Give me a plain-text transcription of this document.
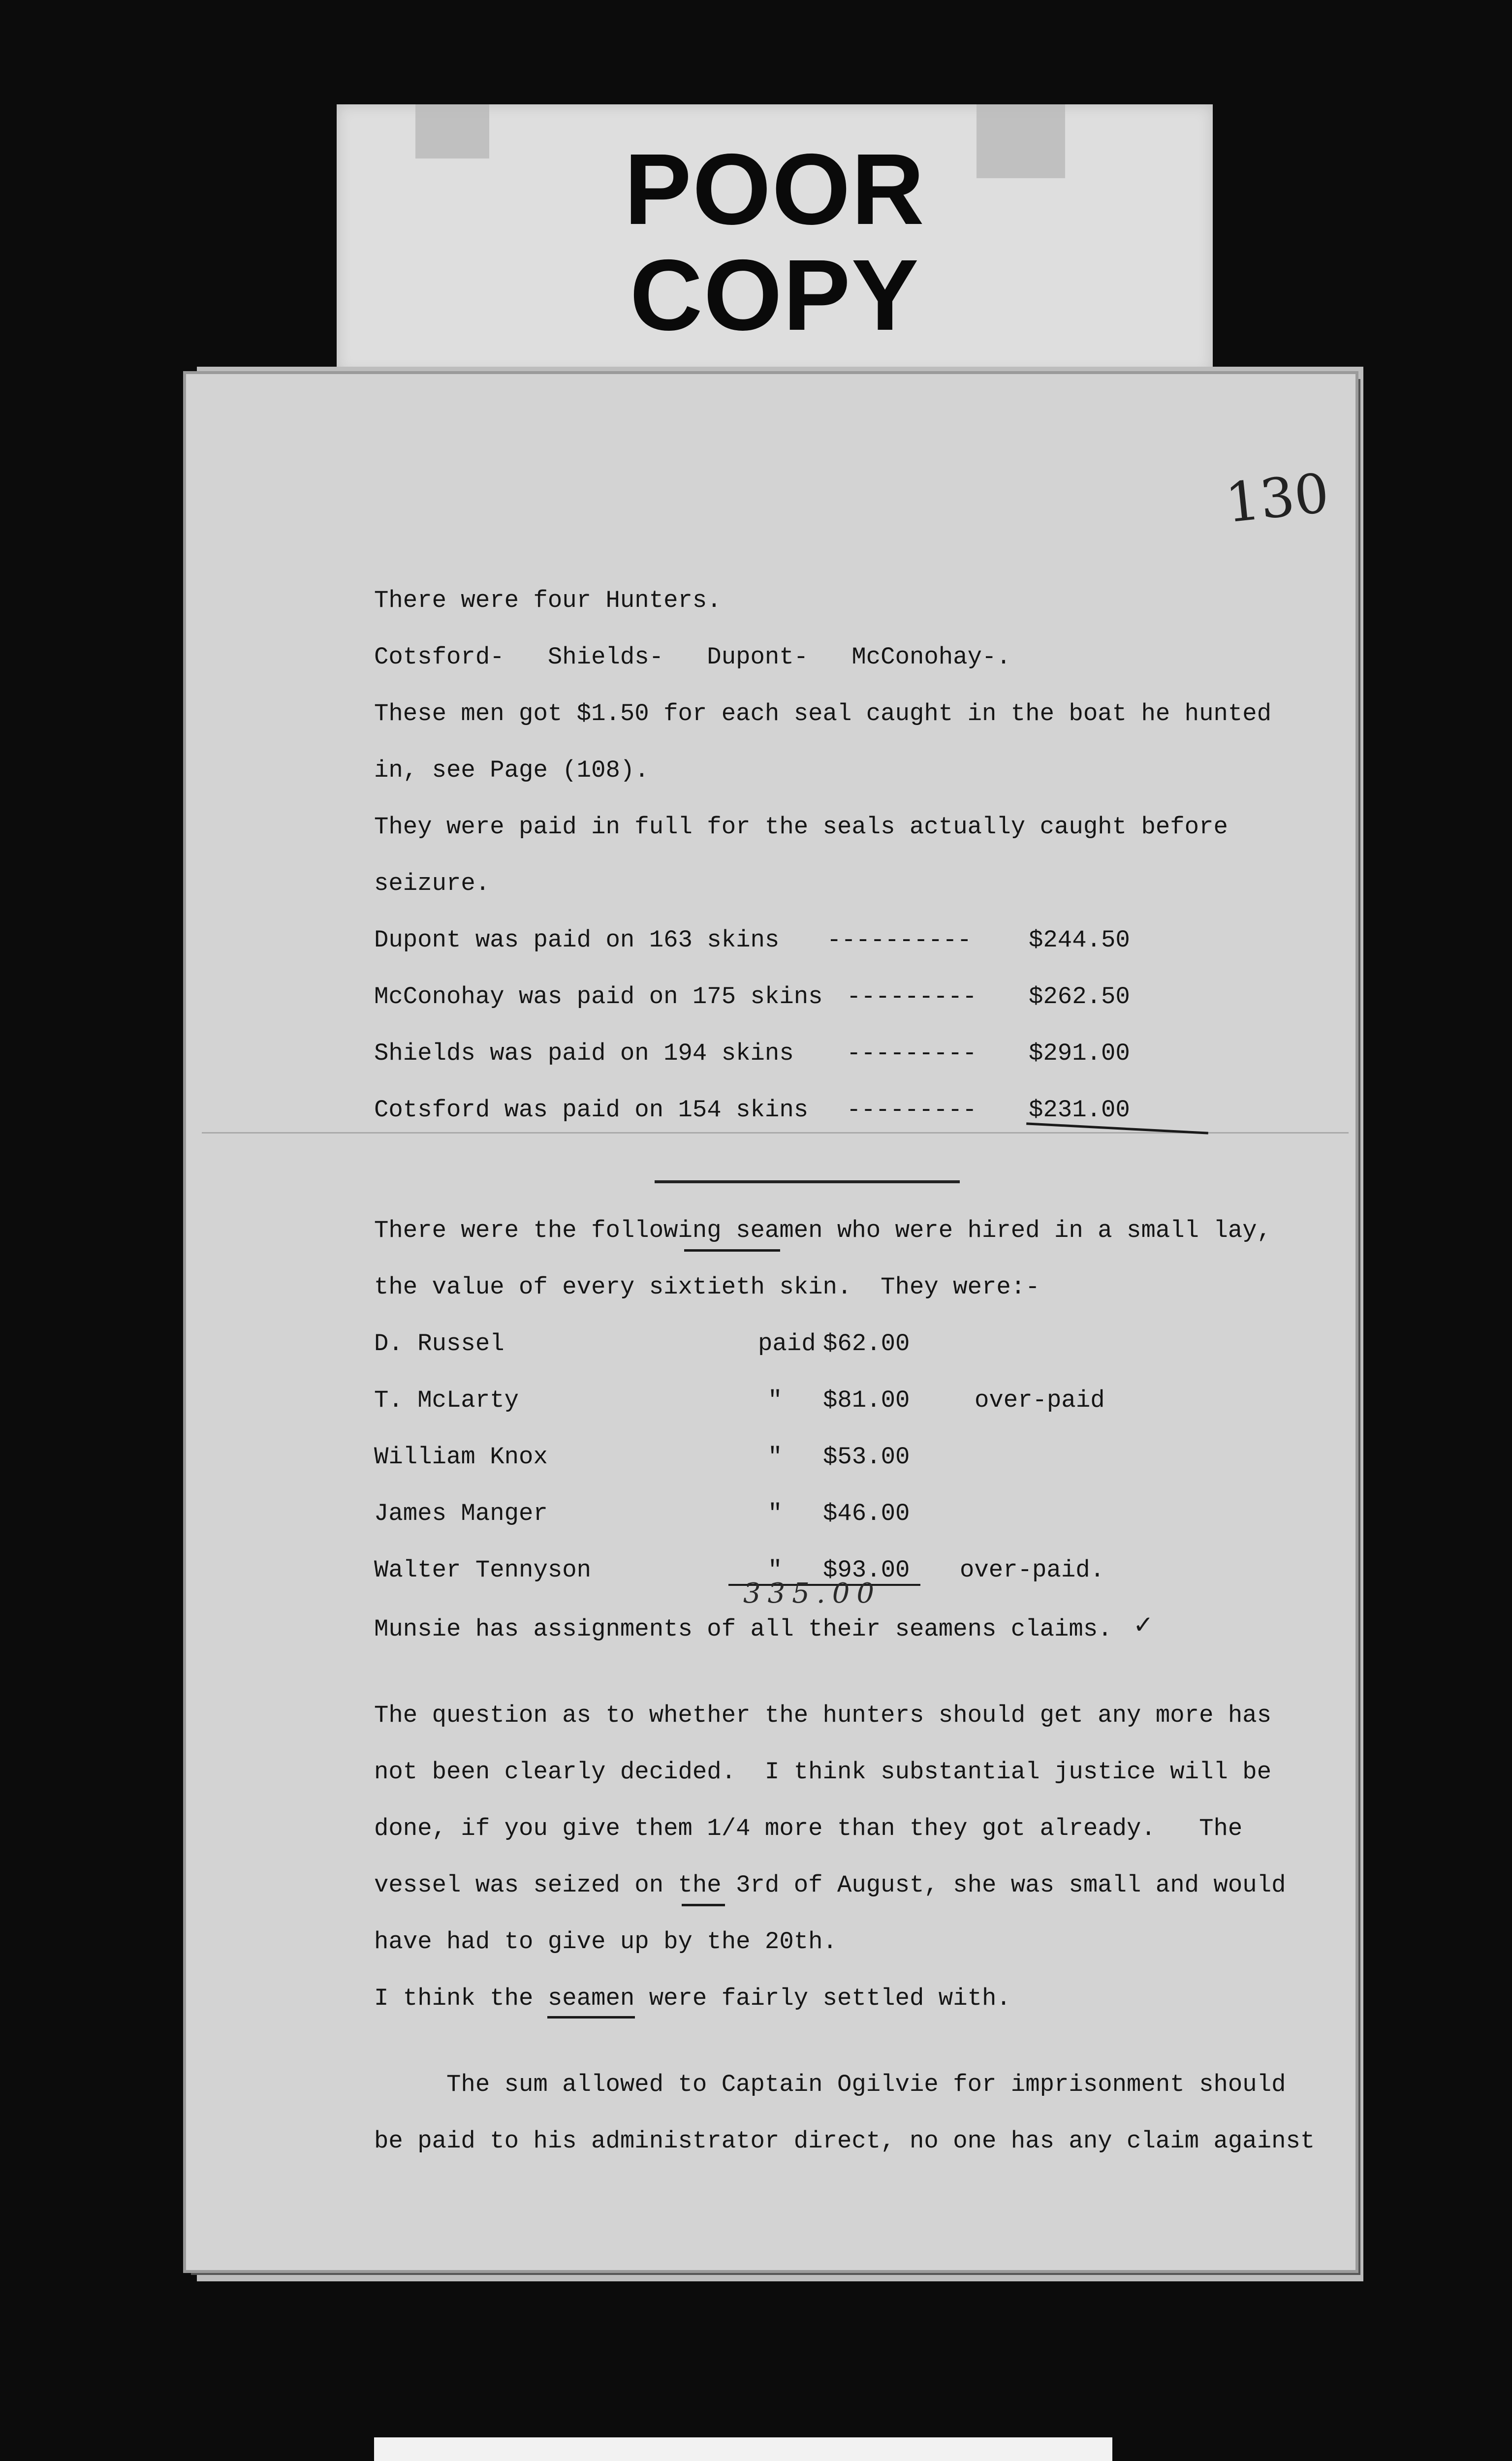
POOR
COPY
130
There were four Hunters.
Cotsford-   Shields-   Dupont-   McConohay-.
These men got $1.50 for each seal caught in the boat he hunted
in, see Page (108).
They were paid in full for the seals actually caught before
seizure.
Dupont was paid on 163 skins ---------- $244.50
McConohay was paid on 175 skins --------- $262.50
Shields was paid on 194 skins --------- $291.00
Cotsford was paid on 154 skins --------- $231.00
There were the following seamen who were hired in a small lay,
the value of every sixtieth skin.  They were:-
D. Russel	paid $62.00
T. McLarty	" $81.00	over-paid
William Knox	" $53.00
James Manger	" $46.00
Walter Tennyson	" $93.00 over-paid.
335.00
Munsie has assignments of all their seamens claims. ✓
The question as to whether the hunters should get any more has
not been clearly decided.  I think substantial justice will be
done, if you give them 1/4 more than they got already.   The
vessel was seized on the 3rd of August, she was small and would
have had to give up by the 20th.
I think the seamen were fairly settled with.
The sum allowed to Captain Ogilvie for imprisonment should
be paid to his administrator direct, no one has any claim against
